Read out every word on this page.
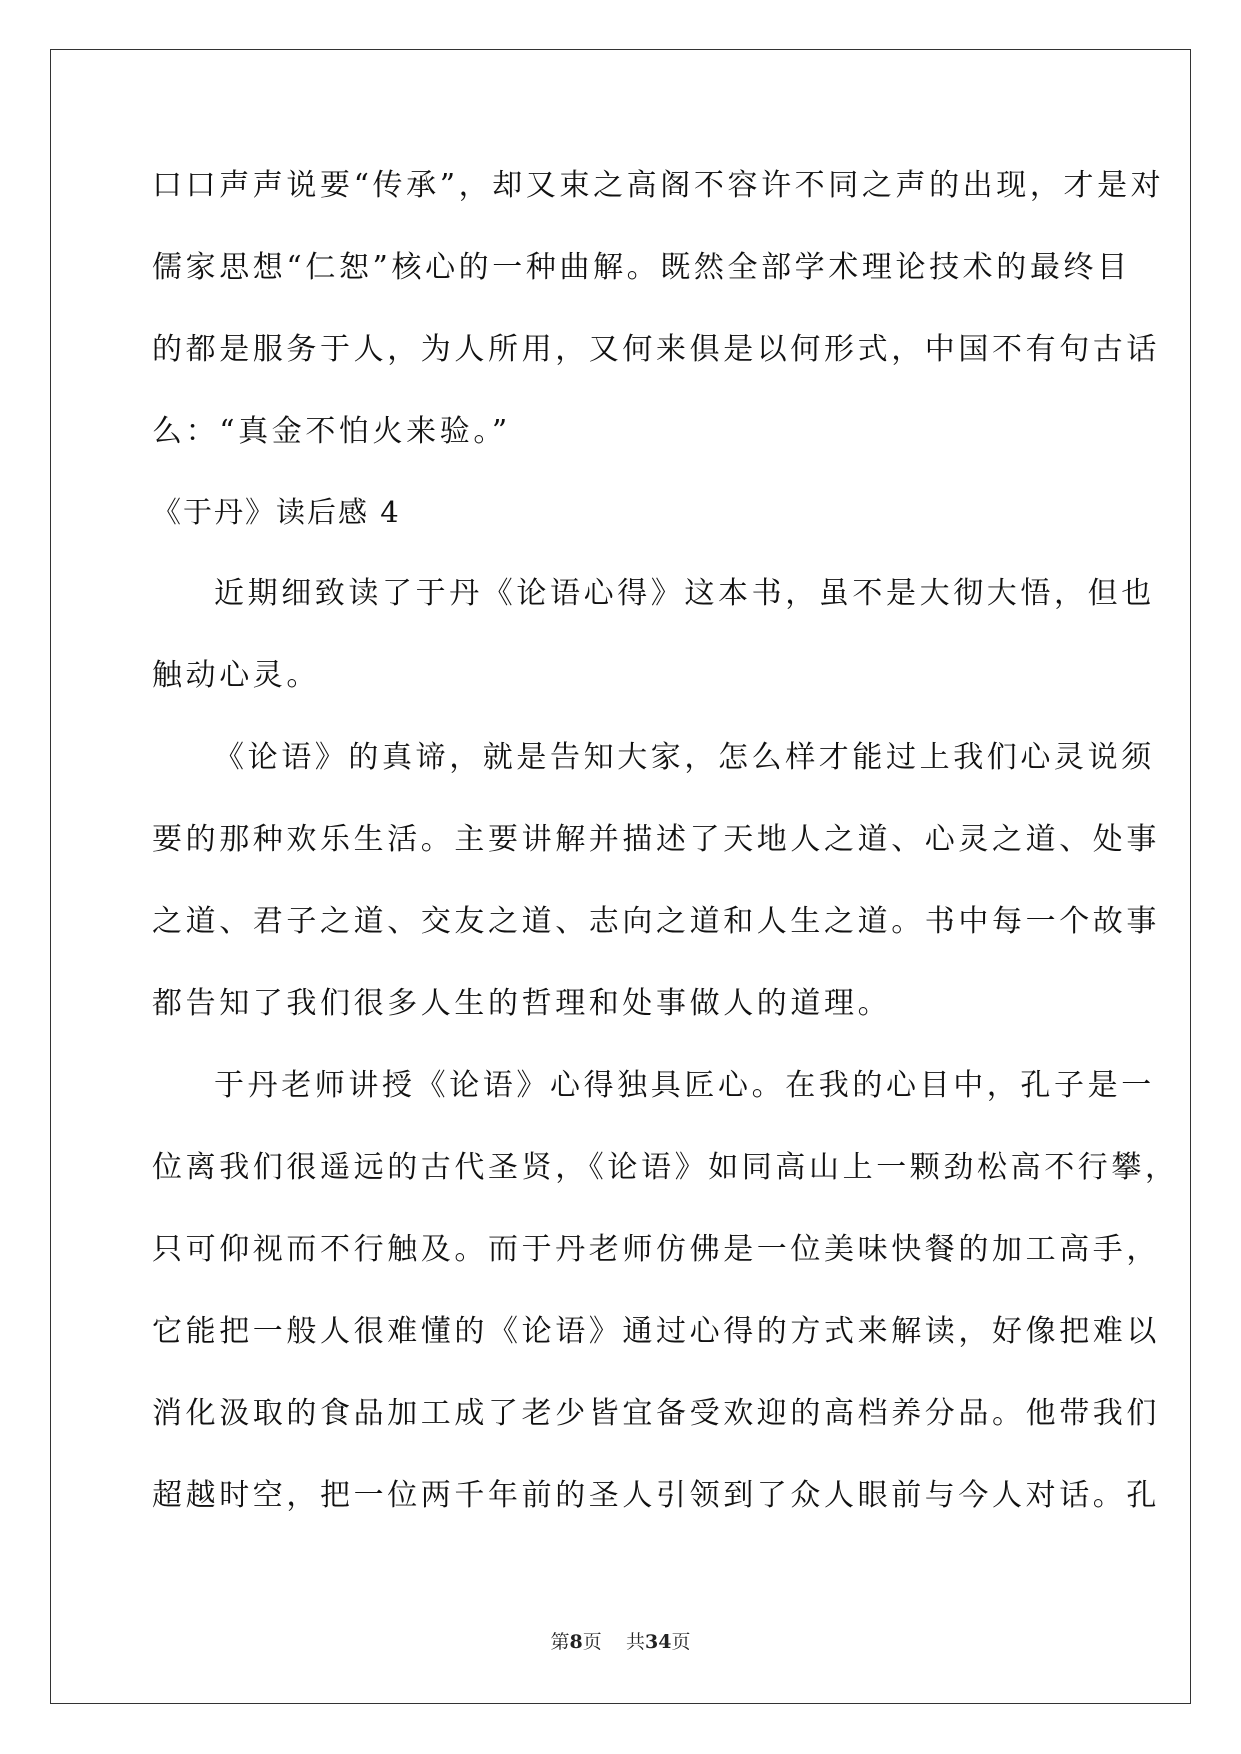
口口声声说要“传承”，却又束之高阁不容许不同之声的出现，才是对
儒家思想“仁恕”核心的一种曲解。既然全部学术理论技术的最终目
的都是服务于人，为人所用，又何来俱是以何形式，中国不有句古话
么：“真金不怕火来验。”
《于丹》读后感 4
近期细致读了于丹《论语心得》这本书，虽不是大彻大悟，但也
触动心灵。
《论语》的真谛，就是告知大家，怎么样才能过上我们心灵说须
要的那种欢乐生活。主要讲解并描述了天地人之道、心灵之道、处事
之道、君子之道、交友之道、志向之道和人生之道。书中每一个故事
都告知了我们很多人生的哲理和处事做人的道理。
于丹老师讲授《论语》心得独具匠心。在我的心目中，孔子是一
位离我们很遥远的古代圣贤，《论语》如同高山上一颗劲松高不行攀，
只可仰视而不行触及。而于丹老师仿佛是一位美味快餐的加工高手，
它能把一般人很难懂的《论语》通过心得的方式来解读，好像把难以
消化汲取的食品加工成了老少皆宜备受欢迎的高档养分品。他带我们
超越时空，把一位两千年前的圣人引领到了众人眼前与今人对话。孔
第8页 共34页
